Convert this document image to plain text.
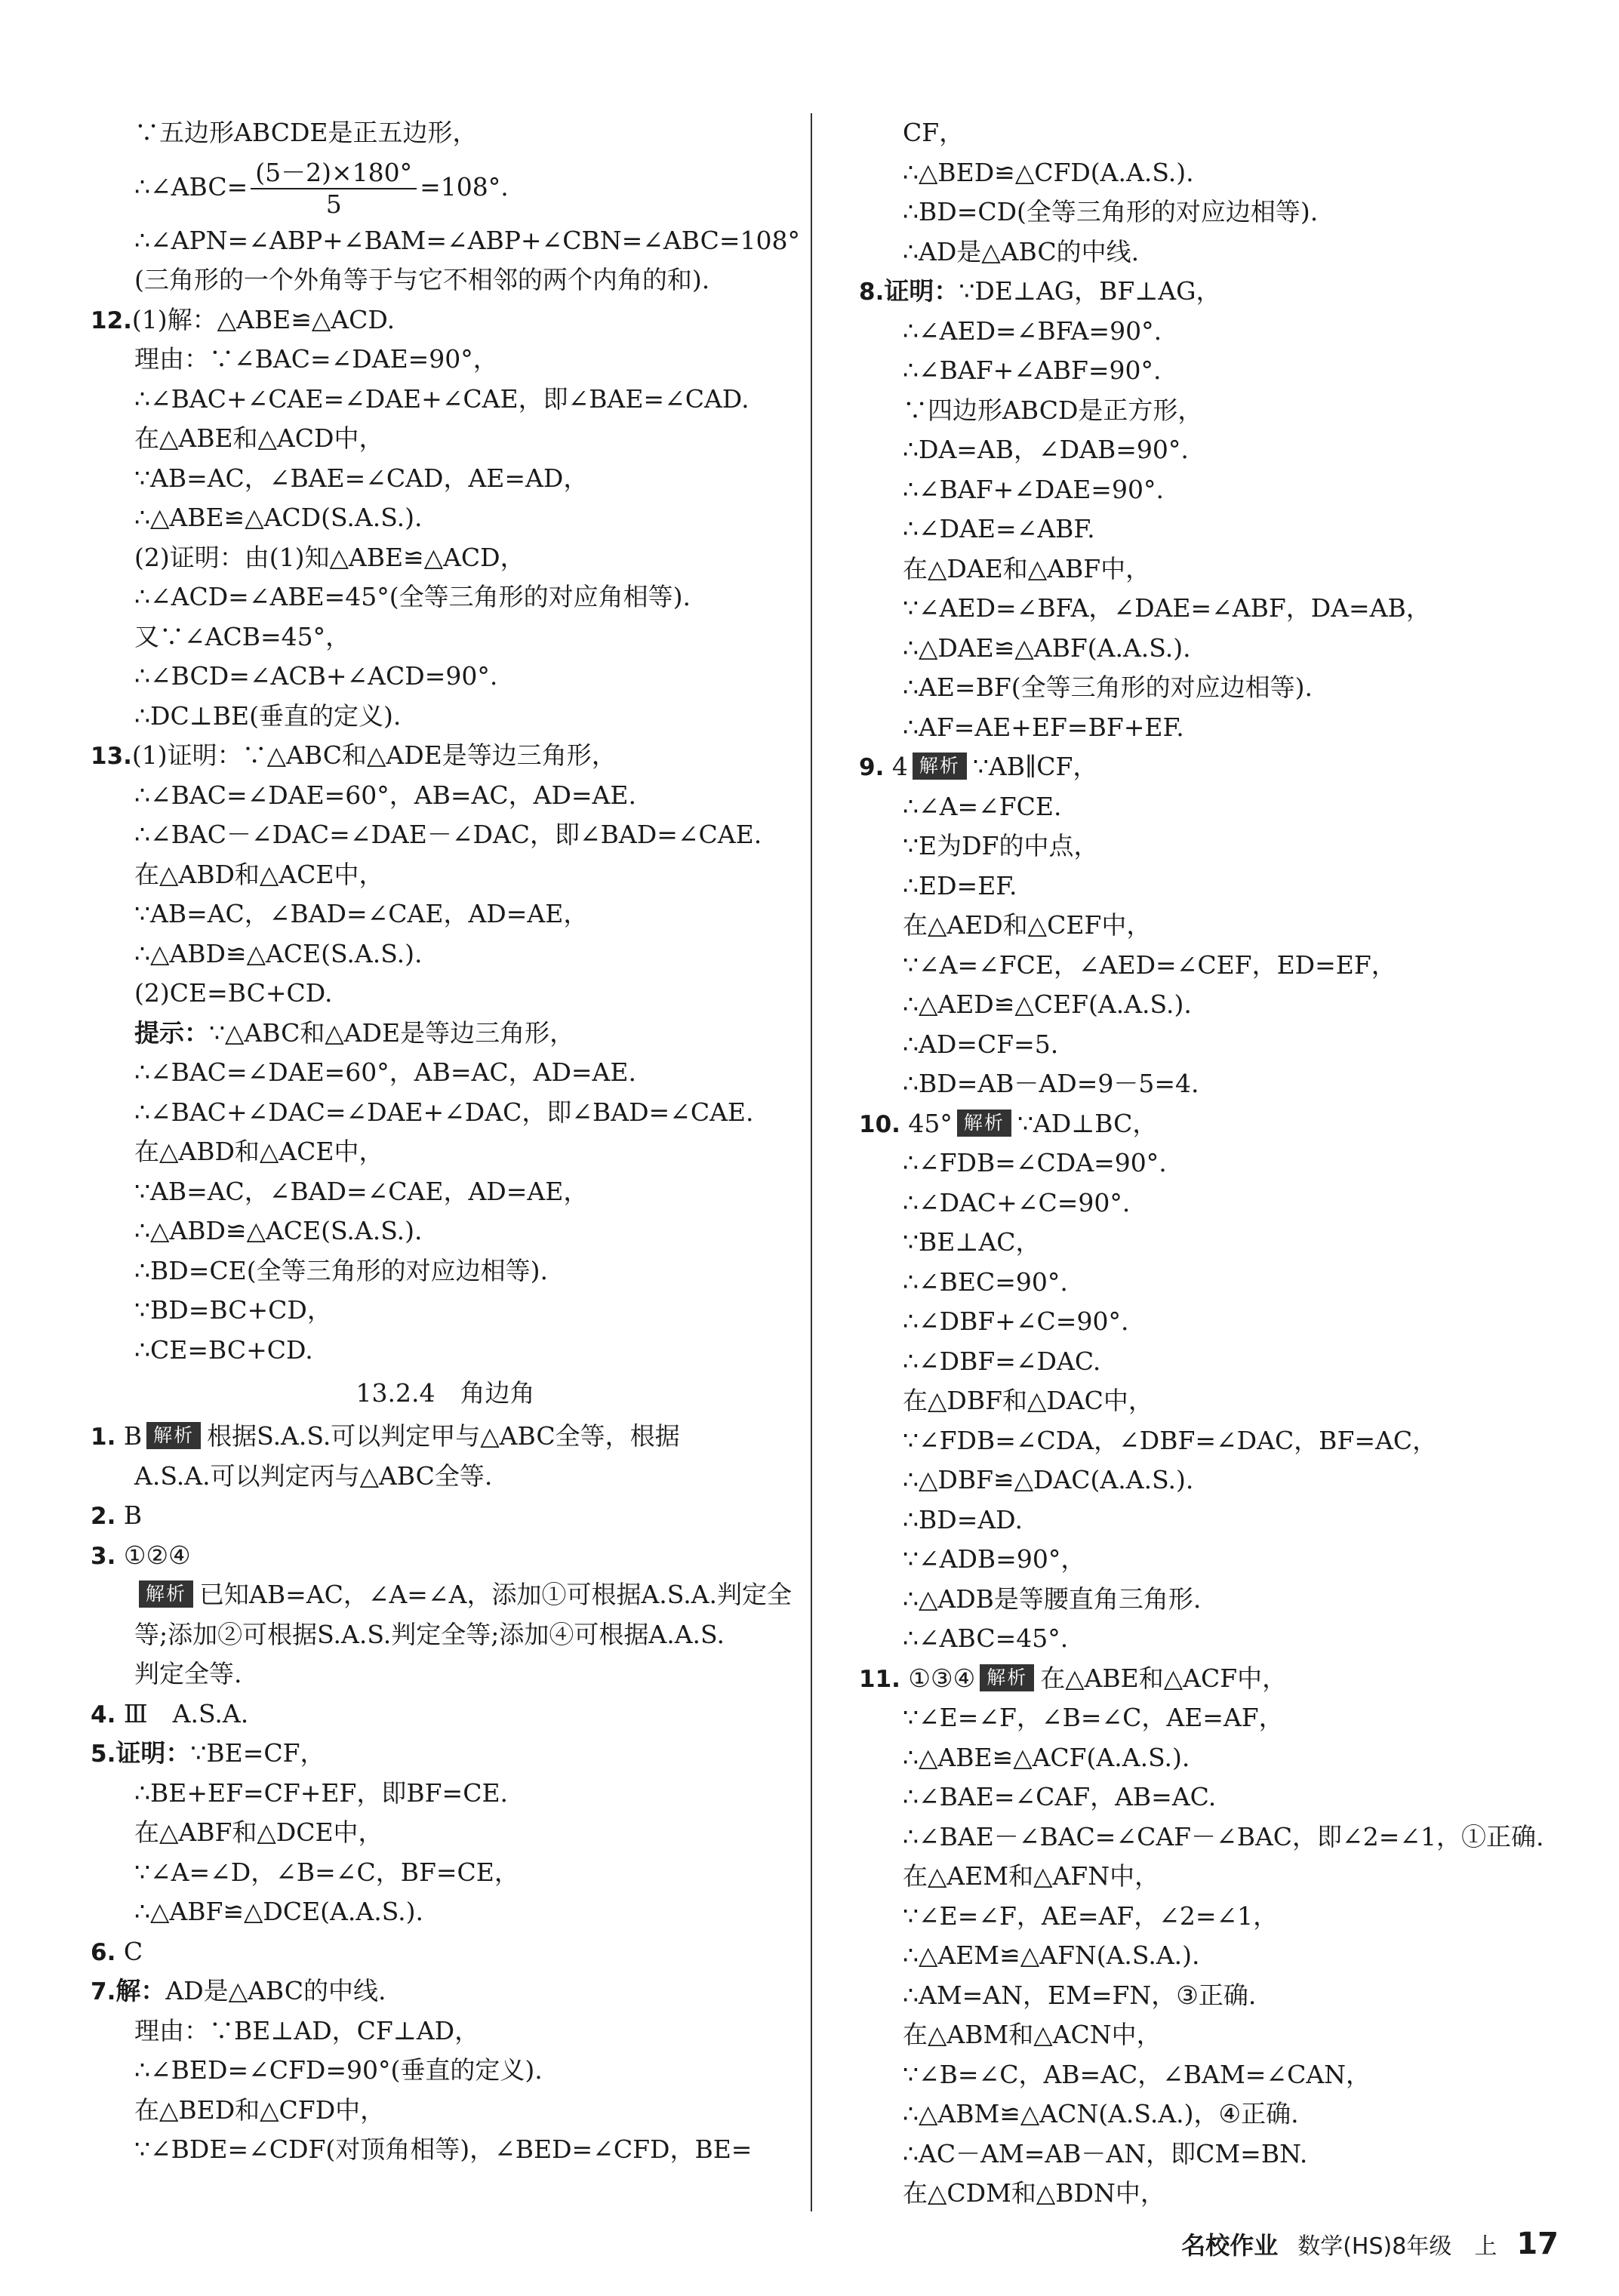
∵五边形ABCDE是正五边形，
∴∠ABC= $\frac{(5-2)\times 180^\circ}{5} =108^\circ$.
∴∠APN=∠ABP+∠BAM=∠ABP+∠CBN=∠ABC=108°
(三角形的一个外角等于与它不相邻的两个内角的和).
12.(1)解：△ABE≌△ACD.
理由：∵∠BAC=∠DAE=90°，
∴∠BAC+∠CAE=∠DAE+∠CAE，即∠BAE=∠CAD.
在△ABE和△ACD中，
∵AB=AC，∠BAE=∠CAD，AE=AD，
∴△ABE≌△ACD(S.A.S.).
(2)证明：由(1)知△ABE≌△ACD，
∴∠ACD=∠ABE=45°(全等三角形的对应角相等).
又∵∠ACB=45°，
∴∠BCD=∠ACB+∠ACD=90°.
∴DC⊥BE(垂直的定义).
13.(1)证明：∵△ABC和△ADE是等边三角形，
∴∠BAC=∠DAE=60°，AB=AC，AD=AE.
∴∠BAC－∠DAC=∠DAE－∠DAC，即∠BAD=∠CAE.
在△ABD和△ACE中，
∵AB=AC，∠BAD=∠CAE，AD=AE，
∴△ABD≌△ACE(S.A.S.).
(2)CE=BC+CD.
提示：∵△ABC和△ADE是等边三角形，
∴∠BAC=∠DAE=60°，AB=AC，AD=AE.
∴∠BAC+∠DAC=∠DAE+∠DAC，即∠BAD=∠CAE.
在△ABD和△ACE中，
∵AB=AC，∠BAD=∠CAE，AD=AE，
∴△ABD≌△ACE(S.A.S.).
∴BD=CE(全等三角形的对应边相等).
∵BD=BC+CD，
∴CE=BC+CD.
13.2.4　角边角
1. B 解析 根据S.A.S.可以判定甲与△ABC全等，根据
A.S.A.可以判定丙与△ABC全等.
2. B
3. ①②④
解析 已知AB=AC，∠A=∠A，添加①可根据A.S.A.判定全
等;添加②可根据S.A.S.判定全等;添加④可根据A.A.S.
判定全等.
4. Ⅲ　A.S.A.
5.证明：∵BE=CF，
∴BE+EF=CF+EF，即BF=CE.
在△ABF和△DCE中，
∵∠A=∠D，∠B=∠C，BF=CE，
∴△ABF≌△DCE(A.A.S.).
6. C
7.解：AD是△ABC的中线.
理由：∵BE⊥AD，CF⊥AD，
∴∠BED=∠CFD=90°(垂直的定义).
在△BED和△CFD中，
∵∠BDE=∠CDF(对顶角相等)，∠BED=∠CFD，BE=
CF，
∴△BED≌△CFD(A.A.S.).
∴BD=CD(全等三角形的对应边相等).
∴AD是△ABC的中线.
8.证明：∵DE⊥AG，BF⊥AG，
∴∠AED=∠BFA=90°.
∴∠BAF+∠ABF=90°.
∵四边形ABCD是正方形，
∴DA=AB，∠DAB=90°.
∴∠BAF+∠DAE=90°.
∴∠DAE=∠ABF.
在△DAE和△ABF中，
∵∠AED=∠BFA，∠DAE=∠ABF，DA=AB，
∴△DAE≌△ABF(A.A.S.).
∴AE=BF(全等三角形的对应边相等).
∴AF=AE+EF=BF+EF.
9. 4 解析 ∵AB∥CF，
∴∠A=∠FCE.
∵E为DF的中点，
∴ED=EF.
在△AED和△CEF中，
∵∠A=∠FCE，∠AED=∠CEF，ED=EF，
∴△AED≌△CEF(A.A.S.).
∴AD=CF=5.
∴BD=AB－AD=9－5=4.
10. 45° 解析 ∵AD⊥BC，
∴∠FDB=∠CDA=90°.
∴∠DAC+∠C=90°.
∵BE⊥AC，
∴∠BEC=90°.
∴∠DBF+∠C=90°.
∴∠DBF=∠DAC.
在△DBF和△DAC中，
∵∠FDB=∠CDA，∠DBF=∠DAC，BF=AC，
∴△DBF≌△DAC(A.A.S.).
∴BD=AD.
∵∠ADB=90°，
∴△ADB是等腰直角三角形.
∴∠ABC=45°.
11. ①③④ 解析 在△ABE和△ACF中，
∵∠E=∠F，∠B=∠C，AE=AF，
∴△ABE≌△ACF(A.A.S.).
∴∠BAE=∠CAF，AB=AC.
∴∠BAE－∠BAC=∠CAF－∠BAC，即∠2=∠1，①正确.
在△AEM和△AFN中，
∵∠E=∠F，AE=AF，∠2=∠1，
∴△AEM≌△AFN(A.S.A.).
∴AM=AN，EM=FN，③正确.
在△ABM和△ACN中，
∵∠B=∠C，AB=AC，∠BAM=∠CAN，
∴△ABM≌△ACN(A.S.A.)，④正确.
∴AC－AM=AB－AN，即CM=BN.
在△CDM和△BDN中，
名校作业 数学(HS)8年级　上 17
